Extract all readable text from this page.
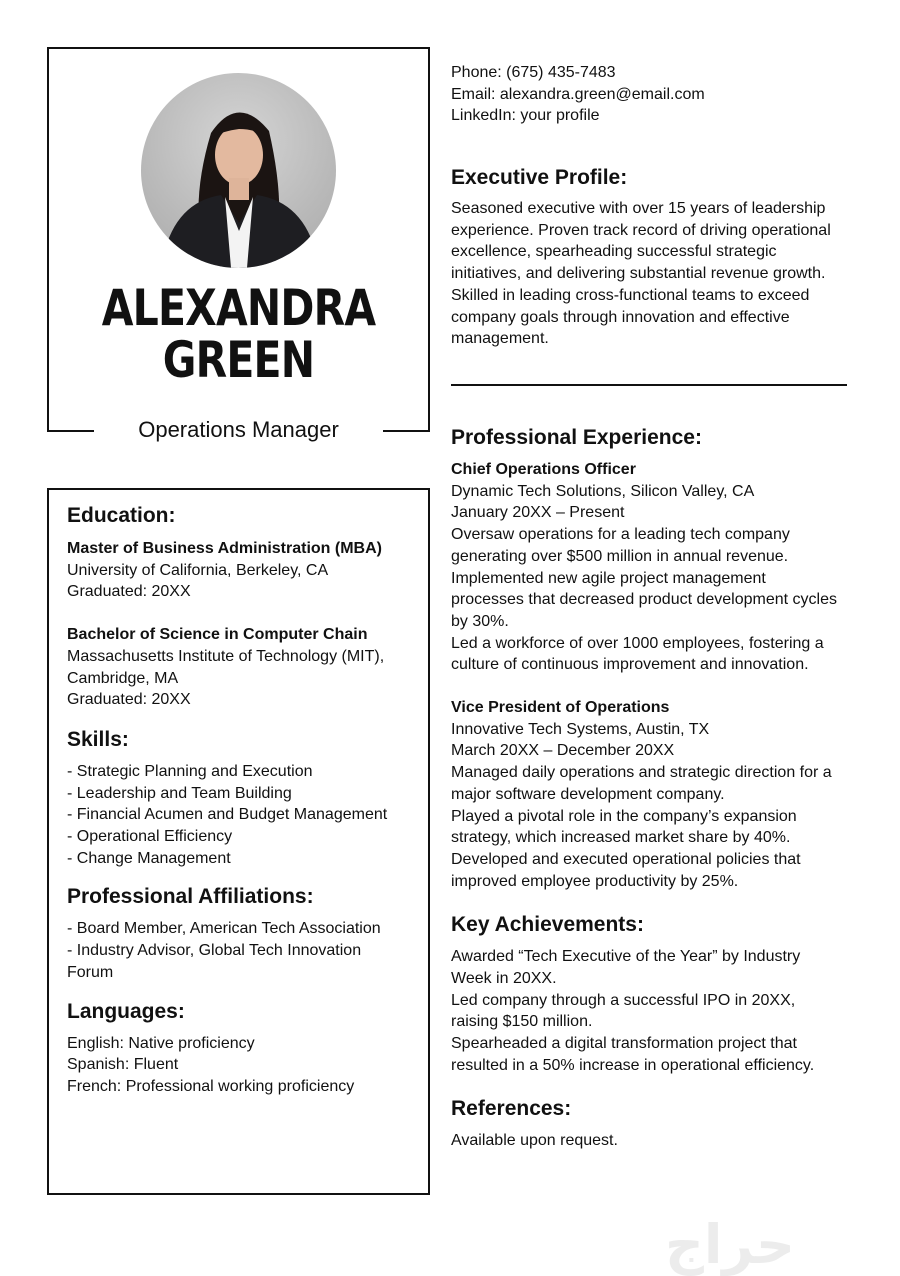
ALEXANDRA
GREEN
Operations Manager

Phone: (675) 435-7483

Email: alexandra.green@email.com

LinkedIn: your profile

Executive Profile:

Seasoned executive with over 15 years of leadership

experience. Proven track record of driving operational

excellence, spearheading successful strategic

initiatives, and delivering substantial revenue growth.

Skilled in leading cross-functional teams to exceed

company goals through innovation and effective

management.

Education:

Master of Business Administration (MBA)

University of California, Berkeley, CA

Graduated: 20XX

Bachelor of Science in Computer Chain

Massachusetts Institute of Technology (MIT),

Cambridge, MA

Graduated: 20XX

Skills:

- Strategic Planning and Execution

- Leadership and Team Building

- Financial Acumen and Budget Management

- Operational Efficiency

- Change Management

Professional Affiliations:

- Board Member, American Tech Association

- Industry Advisor, Global Tech Innovation

Forum

Languages:

English: Native proficiency

Spanish: Fluent

French: Professional working proficiency

Professional Experience:

Chief Operations Officer

Dynamic Tech Solutions, Silicon Valley, CA

January 20XX – Present

Oversaw operations for a leading tech company

generating over $500 million in annual revenue.

Implemented new agile project management

processes that decreased product development cycles

by 30%.

Led a workforce of over 1000 employees, fostering a

culture of continuous improvement and innovation.

Vice President of Operations

Innovative Tech Systems, Austin, TX

March 20XX – December 20XX

Managed daily operations and strategic direction for a

major software development company.

Played a pivotal role in the company’s expansion

strategy, which increased market share by 40%.

Developed and executed operational policies that

improved employee productivity by 25%.

Key Achievements:

Awarded “Tech Executive of the Year” by Industry

Week in 20XX.

Led company through a successful IPO in 20XX,

raising $150 million.

Spearheaded a digital transformation project that

resulted in a 50% increase in operational efficiency.

References:

Available upon request.

حراج
